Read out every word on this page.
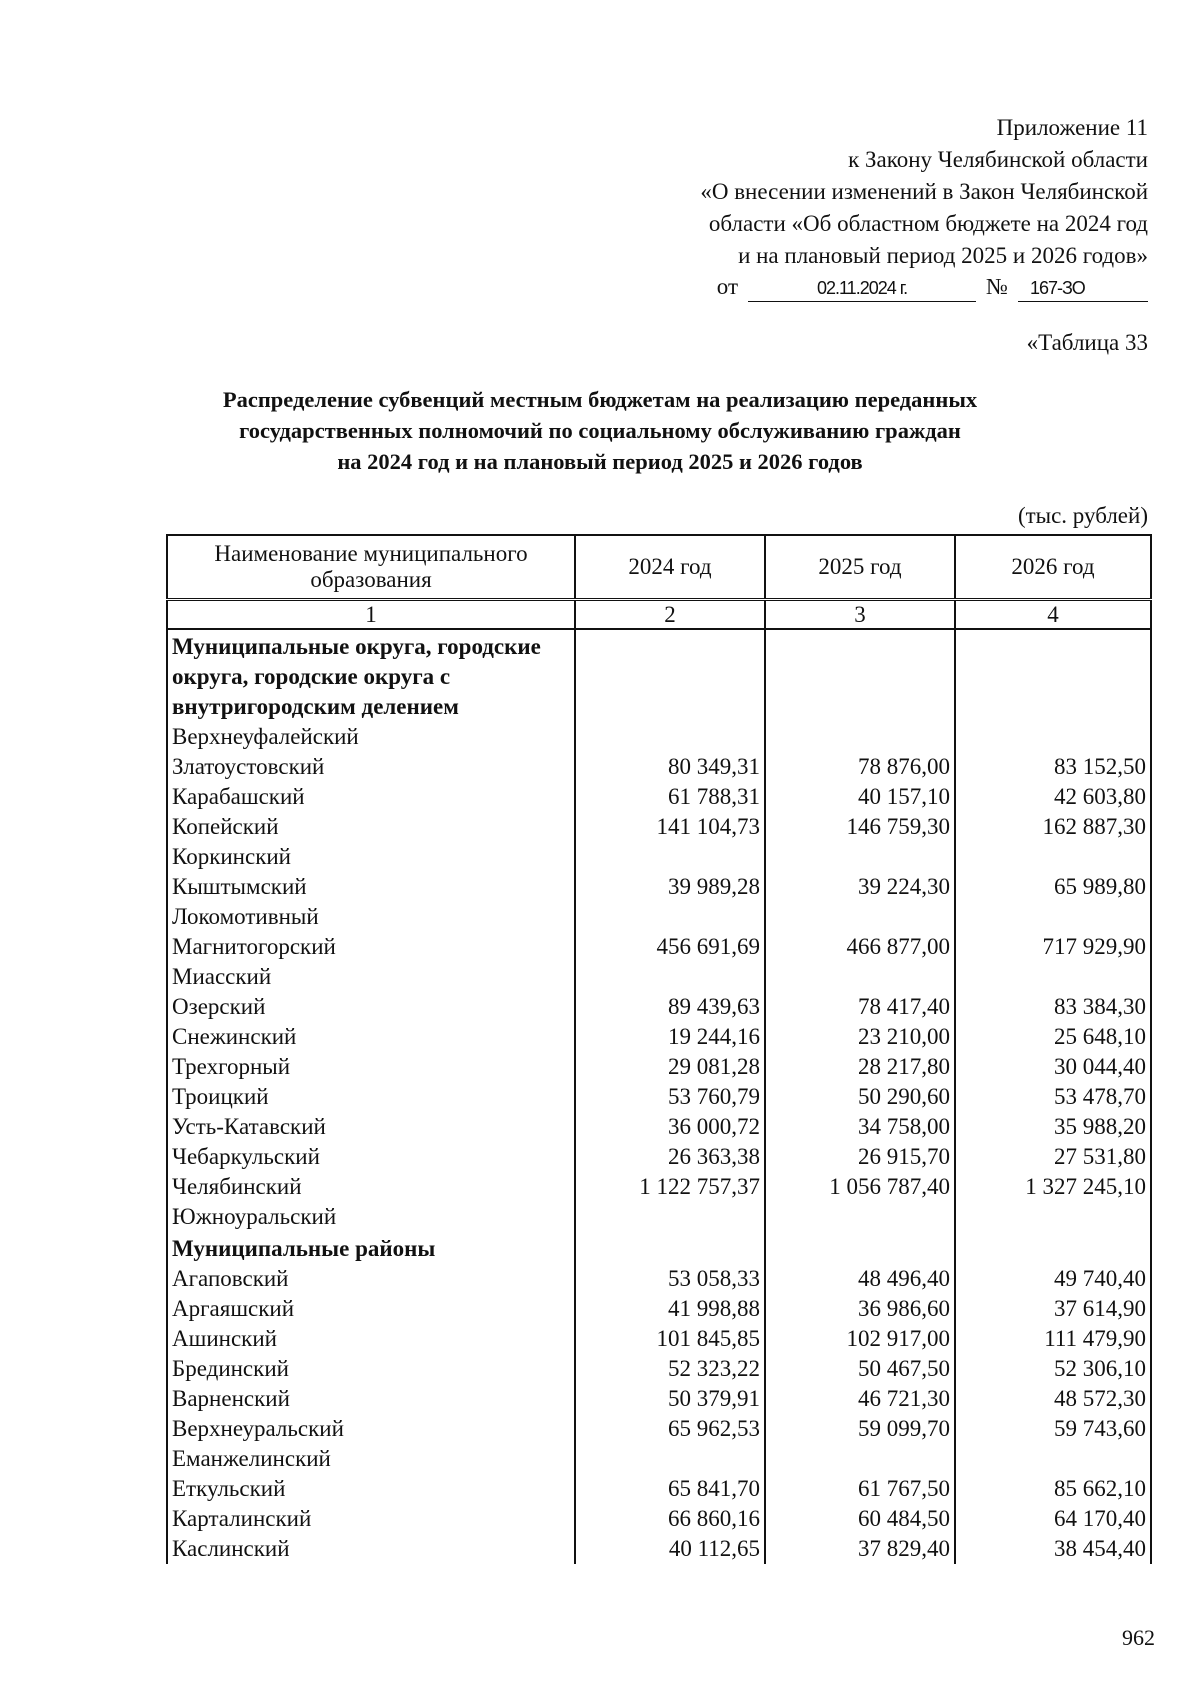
Приложение 11
к Закону Челябинской области
«О внесении изменений в Закон Челябинской
области «Об областном бюджете на 2024 год
и на плановый период 2025 и 2026 годов»
от	02.11.2024 г.	№	167-ЗО
«Таблица 33
Распределение субвенций местным бюджетам на реализацию переданных
государственных полномочий по социальному обслуживанию граждан
на 2024 год и на плановый период 2025 и 2026 годов
(тыс. рублей)
Наименование муниципального образования	2024 год	2025 год	2026 год
1	2	3	4
Муниципальные округа, городские округа, городские округа с внутригородским делением			
Верхнеуфалейский			
Златоустовский	80 349,31	78 876,00	83 152,50
Карабашский	61 788,31	40 157,10	42 603,80
Копейский	141 104,73	146 759,30	162 887,30
Коркинский			
Кыштымский	39 989,28	39 224,30	65 989,80
Локомотивный			
Магнитогорский	456 691,69	466 877,00	717 929,90
Миасский			
Озерский	89 439,63	78 417,40	83 384,30
Снежинский	19 244,16	23 210,00	25 648,10
Трехгорный	29 081,28	28 217,80	30 044,40
Троицкий	53 760,79	50 290,60	53 478,70
Усть-Катавский	36 000,72	34 758,00	35 988,20
Чебаркульский	26 363,38	26 915,70	27 531,80
Челябинский	1 122 757,37	1 056 787,40	1 327 245,10
Южноуральский			
Муниципальные районы			
Агаповский	53 058,33	48 496,40	49 740,40
Аргаяшский	41 998,88	36 986,60	37 614,90
Ашинский	101 845,85	102 917,00	111 479,90
Брединский	52 323,22	50 467,50	52 306,10
Варненский	50 379,91	46 721,30	48 572,30
Верхнеуральский	65 962,53	59 099,70	59 743,60
Еманжелинский			
Еткульский	65 841,70	61 767,50	85 662,10
Карталинский	66 860,16	60 484,50	64 170,40
Каслинский	40 112,65	37 829,40	38 454,40
962
